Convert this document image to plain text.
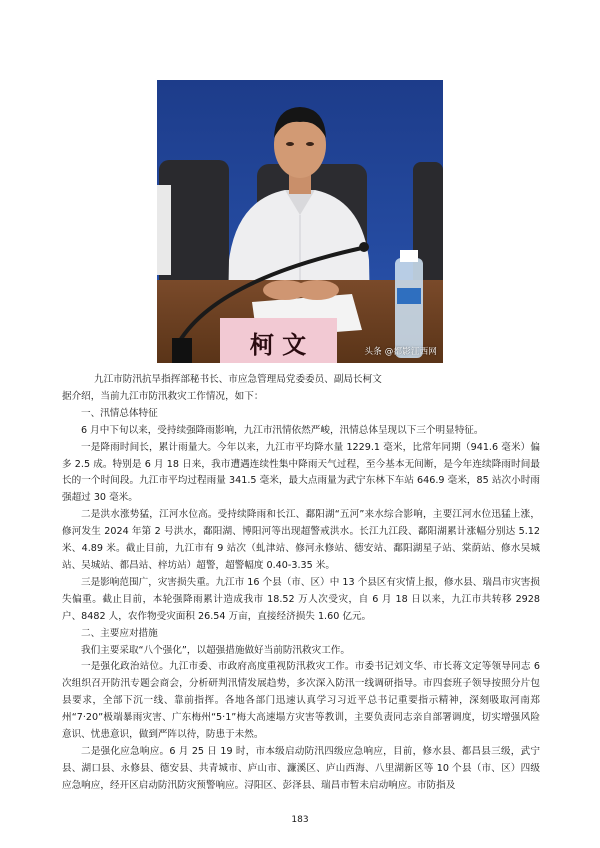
柯 文	头条 @都影江西网

九江市防汛抗旱指挥部秘书长、市应急管理局党委委员、副局长柯文

据介绍，当前九江市防汛救灾工作情况，如下：

一、汛情总体特征

6 月中下旬以来，受持续强降雨影响，九江市汛情依然严峻，汛情总体呈现以下三个明显特征。

一是降雨时间长，累计雨量大。今年以来，九江市平均降水量 1229.1 毫米，比常年同期（941.6 毫米）偏多 2.5 成。特别是 6 月 18 日来，我市遭遇连续性集中降雨天气过程，至今基本无间断，是今年连续降雨时间最长的一个时间段。九江市平均过程雨量 341.5 毫米，最大点雨量为武宁东林下车站 646.9 毫米，85 站次小时雨强超过 30 毫米。

二是洪水涨势猛，江河水位高。受持续降雨和长江、鄱阳湖“五河”来水综合影响，主要江河水位迅猛上涨，修河发生 2024 年第 2 号洪水，鄱阳湖、博阳河等出现超警戒洪水。长江九江段、鄱阳湖累计涨幅分别达 5.12 米、4.89 米。截止目前，九江市有 9 站次（虬津站、修河永修站、德安站、鄱阳湖星子站、棠荫站、修水吴城站、吴城站、都昌站、梓坊站）超警，超警幅度 0.40-3.35 米。

三是影响范围广，灾害损失重。九江市 16 个县（市、区）中 13 个县区有灾情上报，修水县、瑞昌市灾害损失偏重。截止目前，本轮强降雨累计造成我市 18.52 万人次受灾，自 6 月 18 日以来，九江市共转移 2928 户、8482 人，农作物受灾面积 26.54 万亩，直接经济损失 1.60 亿元。

二、主要应对措施

我们主要采取“八个强化”，以超强措施做好当前防汛救灾工作。

一是强化政治站位。九江市委、市政府高度重视防汛救灾工作。市委书记刘文华、市长蒋文定等领导同志 6 次组织召开防汛专题会商会，分析研判汛情发展趋势，多次深入防汛一线调研指导。市四套班子领导按照分片包县要求，全部下沉一线、靠前指挥。各地各部门迅速认真学习习近平总书记重要指示精神，深刻吸取河南郑州“7·20”极端暴雨灾害、广东梅州“5·1”梅大高速塌方灾害等教训，主要负责同志亲自部署调度，切实增强风险意识、忧患意识，做到严阵以待，防患于未然。

二是强化应急响应。6 月 25 日 19 时，市本级启动防汛四级应急响应，目前，修水县、都昌县三级，武宁县、湖口县、永修县、德安县、共青城市、庐山市、濂溪区、庐山西海、八里湖新区等 10 个县（市、区）四级应急响应，经开区启动防汛防灾预警响应。浔阳区、彭泽县、瑞昌市暂未启动响应。市防指及

183
